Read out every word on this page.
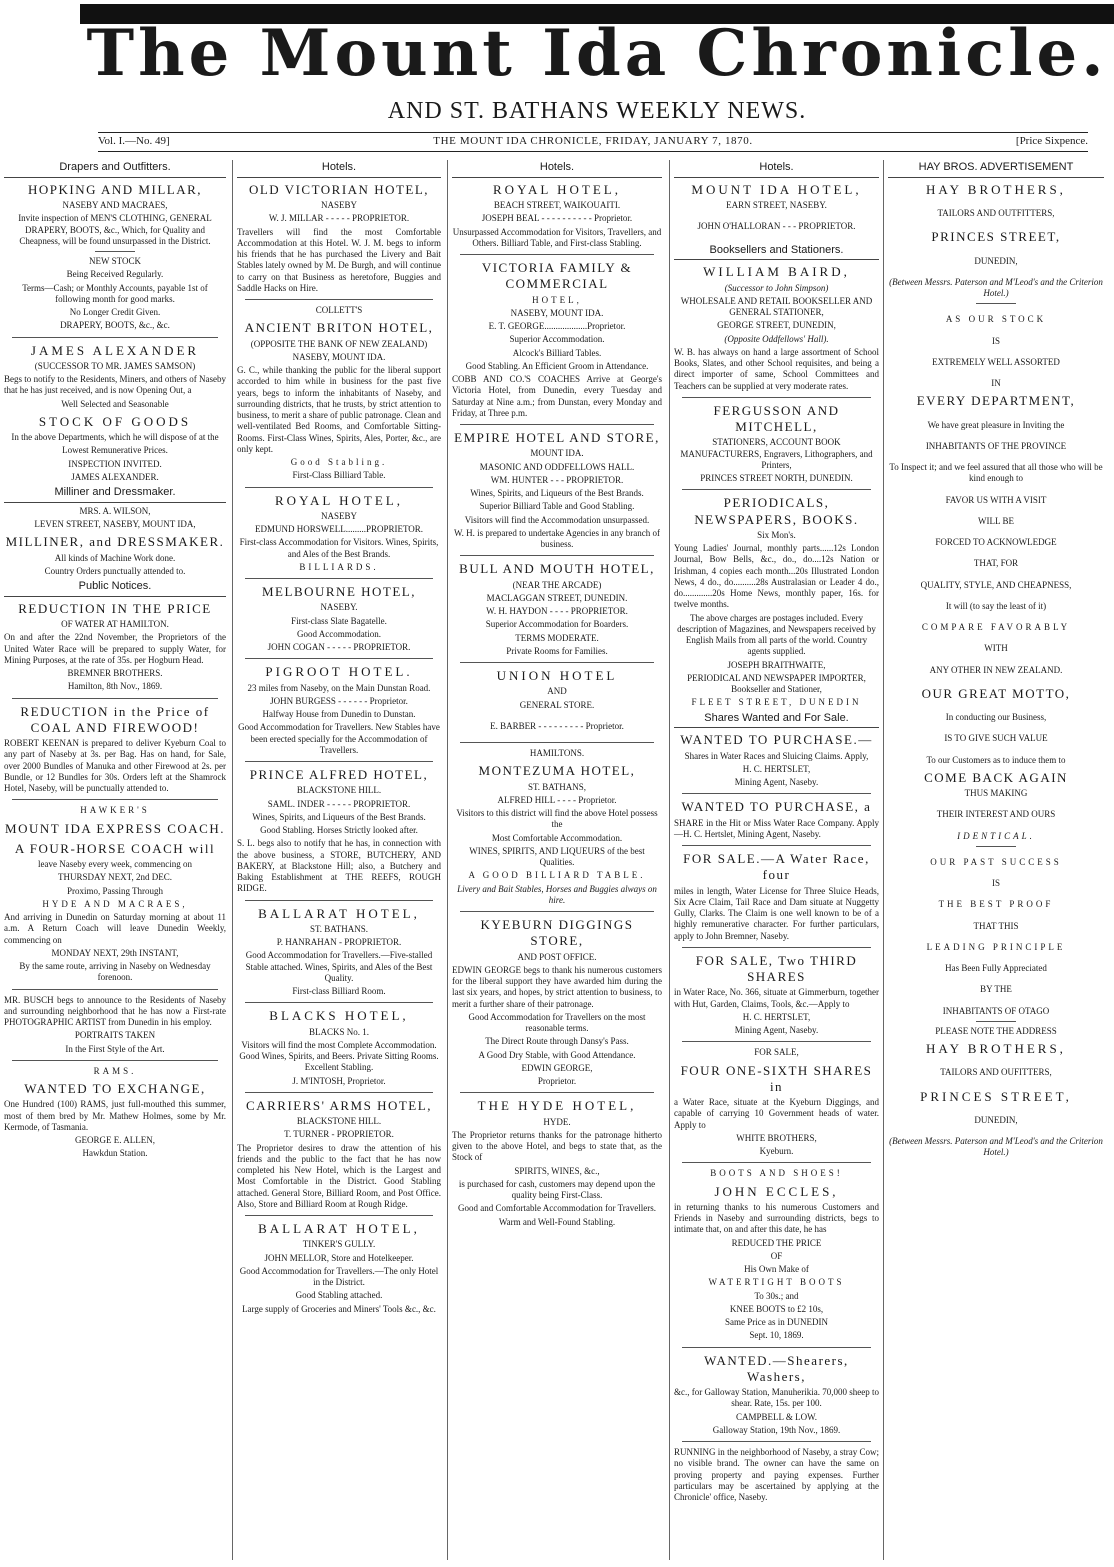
The Mount Ida Chronicle.
AND ST. BATHANS WEEKLY NEWS.
Vol. I.—No. 49]	THE MOUNT IDA CHRONICLE, FRIDAY, JANUARY 7, 1870.	[Price Sixpence.
Drapers and Outfitters.
HOPKING AND MILLAR,
NASEBY AND MACRAES,
Invite inspection of MEN'S CLOTHING, GENERAL DRAPERY, BOOTS, &c., Which, for Quality and Cheapness, will be found unsurpassed in the District.
NEW STOCK
Being Received Regularly.
Terms—Cash; or Monthly Accounts, payable 1st of following month for good marks.
No Longer Credit Given.
DRAPERY, BOOTS, &c., &c.
JAMES ALEXANDER
(SUCCESSOR TO MR. JAMES SAMSON)
Begs to notify to the Residents, Miners, and others of Naseby that he has just received, and is now Opening Out, a
Well Selected and Seasonable
STOCK OF GOODS
In the above Departments, which he will dispose of at the
Lowest Remunerative Prices.
INSPECTION INVITED.
JAMES ALEXANDER.
Milliner and Dressmaker.
MRS. A. WILSON,
LEVEN STREET, NASEBY, MOUNT IDA,
MILLINER, and DRESSMAKER.
All kinds of Machine Work done.
Country Orders punctually attended to.
Public Notices.
REDUCTION IN THE PRICE
OF WATER AT HAMILTON.
On and after the 22nd November, the Proprietors of the United Water Race will be prepared to supply Water, for Mining Purposes, at the rate of 35s. per Hogburn Head.
BREMNER BROTHERS.
Hamilton, 8th Nov., 1869.
REDUCTION in the Price of COAL AND FIREWOOD!
ROBERT KEENAN is prepared to deliver Kyeburn Coal to any part of Naseby at 3s. per Bag. Has on hand, for Sale, over 2000 Bundles of Manuka and other Firewood at 2s. per Bundle, or 12 Bundles for 30s. Orders left at the Shamrock Hotel, Naseby, will be punctually attended to.
HAWKER'S
MOUNT IDA EXPRESS COACH.
A FOUR-HORSE COACH will
leave Naseby every week, commencing on
THURSDAY NEXT, 2nd DEC.
Proximo, Passing Through
HYDE AND MACRAES,
And arriving in Dunedin on Saturday morning at about 11 a.m. A Return Coach will leave Dunedin Weekly, commencing on
MONDAY NEXT, 29th INSTANT,
By the same route, arriving in Naseby on Wednesday forenoon.
MR. BUSCH begs to announce to the Residents of Naseby and surrounding neighborhood that he has now a First-rate PHOTOGRAPHIC ARTIST from Dunedin in his employ.
PORTRAITS TAKEN
In the First Style of the Art.
RAMS.
WANTED TO EXCHANGE,
One Hundred (100) RAMS, just full-mouthed this summer, most of them bred by Mr. Mathew Holmes, some by Mr. Kermode, of Tasmania.
GEORGE E. ALLEN,
Hawkdun Station.
Hotels.
OLD VICTORIAN HOTEL,
NASEBY
W. J. MILLAR - - - - - PROPRIETOR.
Travellers will find the most Comfortable Accommodation at this Hotel. W. J. M. begs to inform his friends that he has purchased the Livery and Bait Stables lately owned by M. De Burgh, and will continue to carry on that Business as heretofore, Buggies and Saddle Hacks on Hire.
COLLETT'S
ANCIENT BRITON HOTEL,
(OPPOSITE THE BANK OF NEW ZEALAND)
NASEBY, MOUNT IDA.
G. C., while thanking the public for the liberal support accorded to him while in business for the past five years, begs to inform the inhabitants of Naseby, and surrounding districts, that he trusts, by strict attention to business, to merit a share of public patronage. Clean and well-ventilated Bed Rooms, and Comfortable Sitting-Rooms. First-Class Wines, Spirits, Ales, Porter, &c., are only kept.
Good Stabling.
First-Class Billiard Table.
ROYAL HOTEL,
NASEBY
EDMUND HORSWELL.........PROPRIETOR.
First-class Accommodation for Visitors. Wines, Spirits, and Ales of the Best Brands.
BILLIARDS.
MELBOURNE HOTEL,
NASEBY.
First-class Slate Bagatelle.
Good Accommodation.
JOHN COGAN - - - - - PROPRIETOR.
PIGROOT HOTEL.
23 miles from Naseby, on the Main Dunstan Road.
JOHN BURGESS - - - - - - Proprietor.
Halfway House from Dunedin to Dunstan.
Good Accommodation for Travellers. New Stables have been erected specially for the Accommodation of Travellers.
PRINCE ALFRED HOTEL,
BLACKSTONE HILL.
SAML. INDER - - - - - PROPRIETOR.
Wines, Spirits, and Liqueurs of the Best Brands.
Good Stabling. Horses Strictly looked after.
S. L. begs also to notify that he has, in connection with the above business, a STORE, BUTCHERY, AND BAKERY, at Blackstone Hill; also, a Butchery and Baking Establishment at THE REEFS, ROUGH RIDGE.
BALLARAT HOTEL,
ST. BATHANS.
P. HANRAHAN - PROPRIETOR.
Good Accommodation for Travellers.—Five-stalled Stable attached. Wines, Spirits, and Ales of the Best Quality.
First-class Billiard Room.
BLACKS HOTEL,
BLACKS No. 1.
Visitors will find the most Complete Accommodation. Good Wines, Spirits, and Beers. Private Sitting Rooms. Excellent Stabling.
J. M'INTOSH, Proprietor.
CARRIERS' ARMS HOTEL,
BLACKSTONE HILL.
T. TURNER - PROPRIETOR.
The Proprietor desires to draw the attention of his friends and the public to the fact that he has now completed his New Hotel, which is the Largest and Most Comfortable in the District. Good Stabling attached. General Store, Billiard Room, and Post Office. Also, Store and Billiard Room at Rough Ridge.
BALLARAT HOTEL,
TINKER'S GULLY.
JOHN MELLOR, Store and Hotelkeeper.
Good Accommodation for Travellers.—The only Hotel in the District.
Good Stabling attached.
Large supply of Groceries and Miners' Tools &c., &c.
Hotels.
ROYAL HOTEL,
BEACH STREET, WAIKOUAITI.
JOSEPH BEAL - - - - - - - - - - Proprietor.
Unsurpassed Accommodation for Visitors, Travellers, and Others. Billiard Table, and First-class Stabling.
VICTORIA FAMILY & COMMERCIAL
HOTEL,
NASEBY, MOUNT IDA.
E. T. GEORGE...................Proprietor.
Superior Accommodation.
Alcock's Billiard Tables.
Good Stabling. An Efficient Groom in Attendance.
COBB AND CO.'S COACHES Arrive at George's Victoria Hotel, from Dunedin, every Tuesday and Saturday at Nine a.m.; from Dunstan, every Monday and Friday, at Three p.m.
EMPIRE HOTEL AND STORE,
MOUNT IDA.
MASONIC AND ODDFELLOWS HALL.
WM. HUNTER - - - PROPRIETOR.
Wines, Spirits, and Liqueurs of the Best Brands.
Superior Billiard Table and Good Stabling.
Visitors will find the Accommodation unsurpassed.
W. H. is prepared to undertake Agencies in any branch of business.
BULL AND MOUTH HOTEL,
(NEAR THE ARCADE)
MACLAGGAN STREET, DUNEDIN.
W. H. HAYDON - - - - PROPRIETOR.
Superior Accommodation for Boarders.
TERMS MODERATE.
Private Rooms for Families.
UNION HOTEL
AND
GENERAL STORE.
E. BARBER - - - - - - - - - Proprietor.
HAMILTONS.
MONTEZUMA HOTEL,
ST. BATHANS,
ALFRED HILL - - - - Proprietor.
Visitors to this district will find the above Hotel possess the
Most Comfortable Accommodation.
WINES, SPIRITS, AND LIQUEURS of the best Qualities.
A GOOD BILLIARD TABLE.
Livery and Bait Stables, Horses and Buggies always on hire.
KYEBURN DIGGINGS STORE,
AND POST OFFICE.
EDWIN GEORGE begs to thank his numerous customers for the liberal support they have awarded him during the last six years, and hopes, by strict attention to business, to merit a further share of their patronage.
Good Accommodation for Travellers on the most reasonable terms.
The Direct Route through Dansy's Pass.
A Good Dry Stable, with Good Attendance.
EDWIN GEORGE,
Proprietor.
THE HYDE HOTEL,
HYDE.
The Proprietor returns thanks for the patronage hitherto given to the above Hotel, and begs to state that, as the Stock of
SPIRITS, WINES, &c.,
is purchased for cash, customers may depend upon the quality being First-Class.
Good and Comfortable Accommodation for Travellers.
Warm and Well-Found Stabling.
Hotels.
MOUNT IDA HOTEL,
EARN STREET, NASEBY.
JOHN O'HALLORAN - - - PROPRIETOR.
Booksellers and Stationers.
WILLIAM BAIRD,
(Successor to John Simpson)
WHOLESALE AND RETAIL BOOKSELLER AND GENERAL STATIONER,
GEORGE STREET, DUNEDIN,
(Opposite Oddfellows' Hall).
W. B. has always on hand a large assortment of School Books, Slates, and other School requisites, and being a direct importer of same, School Committees and Teachers can be supplied at very moderate rates.
FERGUSSON AND MITCHELL,
STATIONERS, ACCOUNT BOOK MANUFACTURERS, Engravers, Lithographers, and Printers,
PRINCES STREET NORTH, DUNEDIN.
PERIODICALS, NEWSPAPERS, BOOKS.
Six Mon's.
Young Ladies' Journal, monthly parts......12s London Journal, Bow Bells, &c., do., do....12s Nation or Irishman, 4 copies each month...20s Illustrated London News, 4 do., do..........28s Australasian or Leader 4 do., do.............20s Home News, monthly paper, 16s. for twelve months.
The above charges are postages included. Every description of Magazines, and Newspapers received by English Mails from all parts of the world. Country agents supplied.
JOSEPH BRAITHWAITE,
PERIODICAL AND NEWSPAPER IMPORTER, Bookseller and Stationer,
FLEET STREET, DUNEDIN
Shares Wanted and For Sale.
WANTED TO PURCHASE.—
Shares in Water Races and Sluicing Claims. Apply,
H. C. HERTSLET,
Mining Agent, Naseby.
WANTED TO PURCHASE, a
SHARE in the Hit or Miss Water Race Company. Apply—H. C. Hertslet, Mining Agent, Naseby.
FOR SALE.—A Water Race, four
miles in length, Water License for Three Sluice Heads, Six Acre Claim, Tail Race and Dam situate at Nuggetty Gully, Clarks. The Claim is one well known to be of a highly remunerative character. For further particulars, apply to John Bremner, Naseby.
FOR SALE, Two THIRD SHARES
in Water Race, No. 366, situate at Gimmerburn, together with Hut, Garden, Claims, Tools, &c.—Apply to
H. C. HERTSLET,
Mining Agent, Naseby.
FOR SALE,
FOUR ONE-SIXTH SHARES in
a Water Race, situate at the Kyeburn Diggings, and capable of carrying 10 Government heads of water. Apply to
WHITE BROTHERS,
Kyeburn.
BOOTS AND SHOES!
JOHN ECCLES,
in returning thanks to his numerous Customers and Friends in Naseby and surrounding districts, begs to intimate that, on and after this date, he has
REDUCED THE PRICE
OF
His Own Make of
WATERTIGHT BOOTS
To 30s.; and
KNEE BOOTS to £2 10s,
Same Price as in DUNEDIN
Sept. 10, 1869.
WANTED.—Shearers, Washers,
&c., for Galloway Station, Manuherikia. 70,000 sheep to shear. Rate, 15s. per 100.
CAMPBELL & LOW.
Galloway Station, 19th Nov., 1869.
RUNNING in the neighborhood of Naseby, a stray Cow; no visible brand. The owner can have the same on proving property and paying expenses. Further particulars may be ascertained by applying at the Chronicle' office, Naseby.
HAY BROS. ADVERTISEMENT
HAY BROTHERS,
TAILORS AND OUTFITTERS,
PRINCES STREET,
DUNEDIN,
(Between Messrs. Paterson and M'Leod's and the Criterion Hotel.)
AS OUR STOCK
IS
EXTREMELY WELL ASSORTED
IN
EVERY DEPARTMENT,
We have great pleasure in Inviting the
INHABITANTS OF THE PROVINCE
To Inspect it; and we feel assured that all those who will be kind enough to
FAVOR US WITH A VISIT
WILL BE
FORCED TO ACKNOWLEDGE
THAT, FOR
QUALITY, STYLE, AND CHEAPNESS,
It will (to say the least of it)
COMPARE FAVORABLY
WITH
ANY OTHER IN NEW ZEALAND.
OUR GREAT MOTTO,
In conducting our Business,
IS TO GIVE SUCH VALUE
To our Customers as to induce them to
COME BACK AGAIN
THUS MAKING
THEIR INTEREST AND OURS
IDENTICAL.
OUR PAST SUCCESS
IS
THE BEST PROOF
THAT THIS
LEADING PRINCIPLE
Has Been Fully Appreciated
BY THE
INHABITANTS OF OTAGO
PLEASE NOTE THE ADDRESS
HAY BROTHERS,
TAILORS AND OUFITTERS,
PRINCES STREET,
DUNEDIN,
(Between Messrs. Paterson and M'Leod's and the Criterion Hotel.)
